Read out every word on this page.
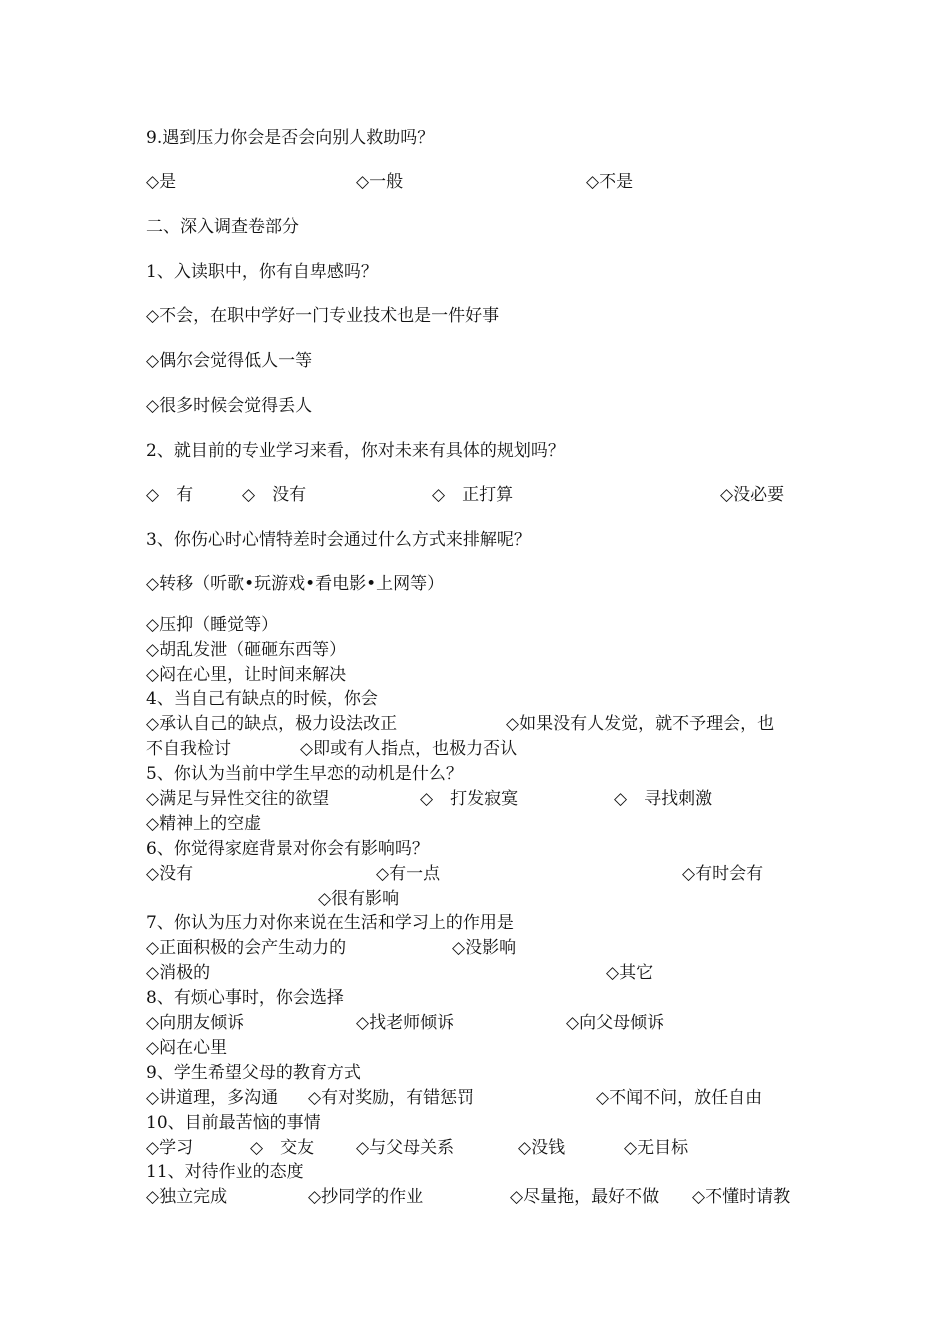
9.遇到压力你会是否会向别人救助吗？
◇是	◇一般	◇不是
二、深入调查卷部分
1、入读职中，你有自卑感吗？
◇不会，在职中学好一门专业技术也是一件好事
◇偶尔会觉得低人一等
◇很多时候会觉得丢人
2、就目前的专业学习来看，你对未来有具体的规划吗？
◇　有	◇　没有	◇　正打算	◇没必要
3、你伤心时心情特差时会通过什么方式来排解呢？
◇转移（听歌•玩游戏•看电影•上网等）
◇压抑（睡觉等）
◇胡乱发泄（砸砸东西等）
◇闷在心里，让时间来解决
4、当自己有缺点的时候，你会
◇承认自己的缺点，极力设法改正	◇如果没有人发觉，就不予理会，也
不自我检讨	◇即或有人指点，也极力否认
5、你认为当前中学生早恋的动机是什么？
◇满足与异性交往的欲望	◇　打发寂寞	◇　寻找刺激
◇精神上的空虚
6、你觉得家庭背景对你会有影响吗？
◇没有	◇有一点	◇有时会有
◇很有影响
7、你认为压力对你来说在生活和学习上的作用是
◇正面积极的会产生动力的	◇没影响
◇消极的	◇其它
8、有烦心事时，你会选择
◇向朋友倾诉	◇找老师倾诉	◇向父母倾诉
◇闷在心里
9、学生希望父母的教育方式
◇讲道理，多沟通 ◇有对奖励，有错惩罚	◇不闻不问，放任自由
10、目前最苦恼的事情
◇学习	◇　交友 ◇与父母关系	◇没钱	◇无目标
11、对待作业的态度
◇独立完成	◇抄同学的作业	◇尽量拖，最好不做 ◇不懂时请教
